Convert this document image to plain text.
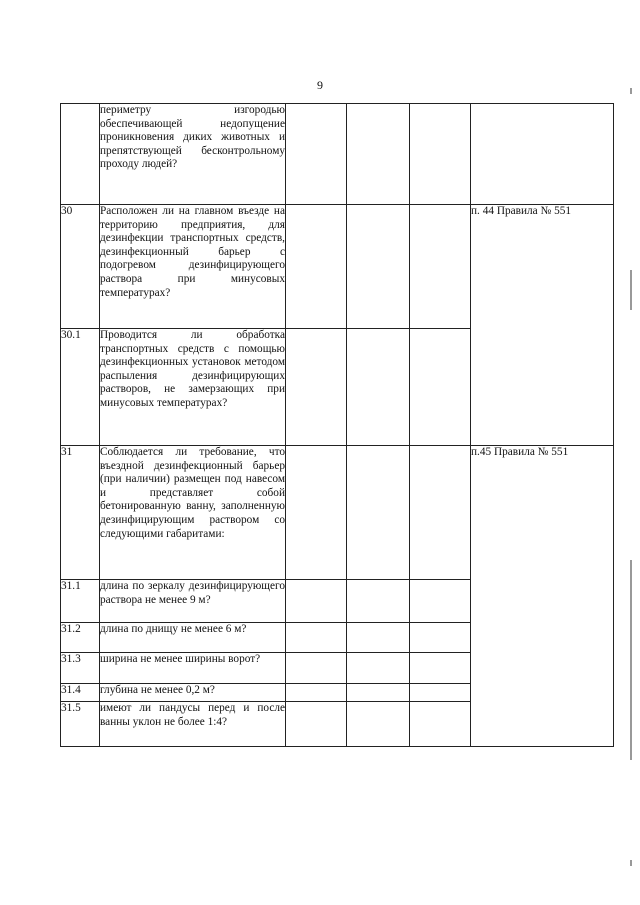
9

	периметру изгородью обеспечивающей недопущение проникновения диких животных и препятствующей бесконтрольному проходу людей?				

30	Расположен ли на главном въезде на территорию предприятия, для дезинфекции транспортных средств, дезинфекционный барьер с подогревом дезинфицирующего раствора при минусовых температурах?				п. 44 Правила № 551
30.1	Проводится ли обработка транспортных средств с помощью дезинфекционных установок методом распыления дезинфицирующих растворов, не замерзающих при минусовых температурах?				

31	Соблюдается ли требование, что въездной дезинфекционный барьер (при наличии) размещен под навесом и представляет собой бетонированную ванну, заполненную дезинфицирующим раствором со следующими габаритами:				п.45 Правила № 551
31.1	длина по зеркалу дезинфицирующего раствора не менее 9 м?				

31.2	длина по днищу не менее 6 м?				

31.3	ширина не менее ширины ворот?				

31.4	глубина не менее 0,2 м?				

31.5	имеют ли пандусы перед и после ванны уклон не более 1:4?				
